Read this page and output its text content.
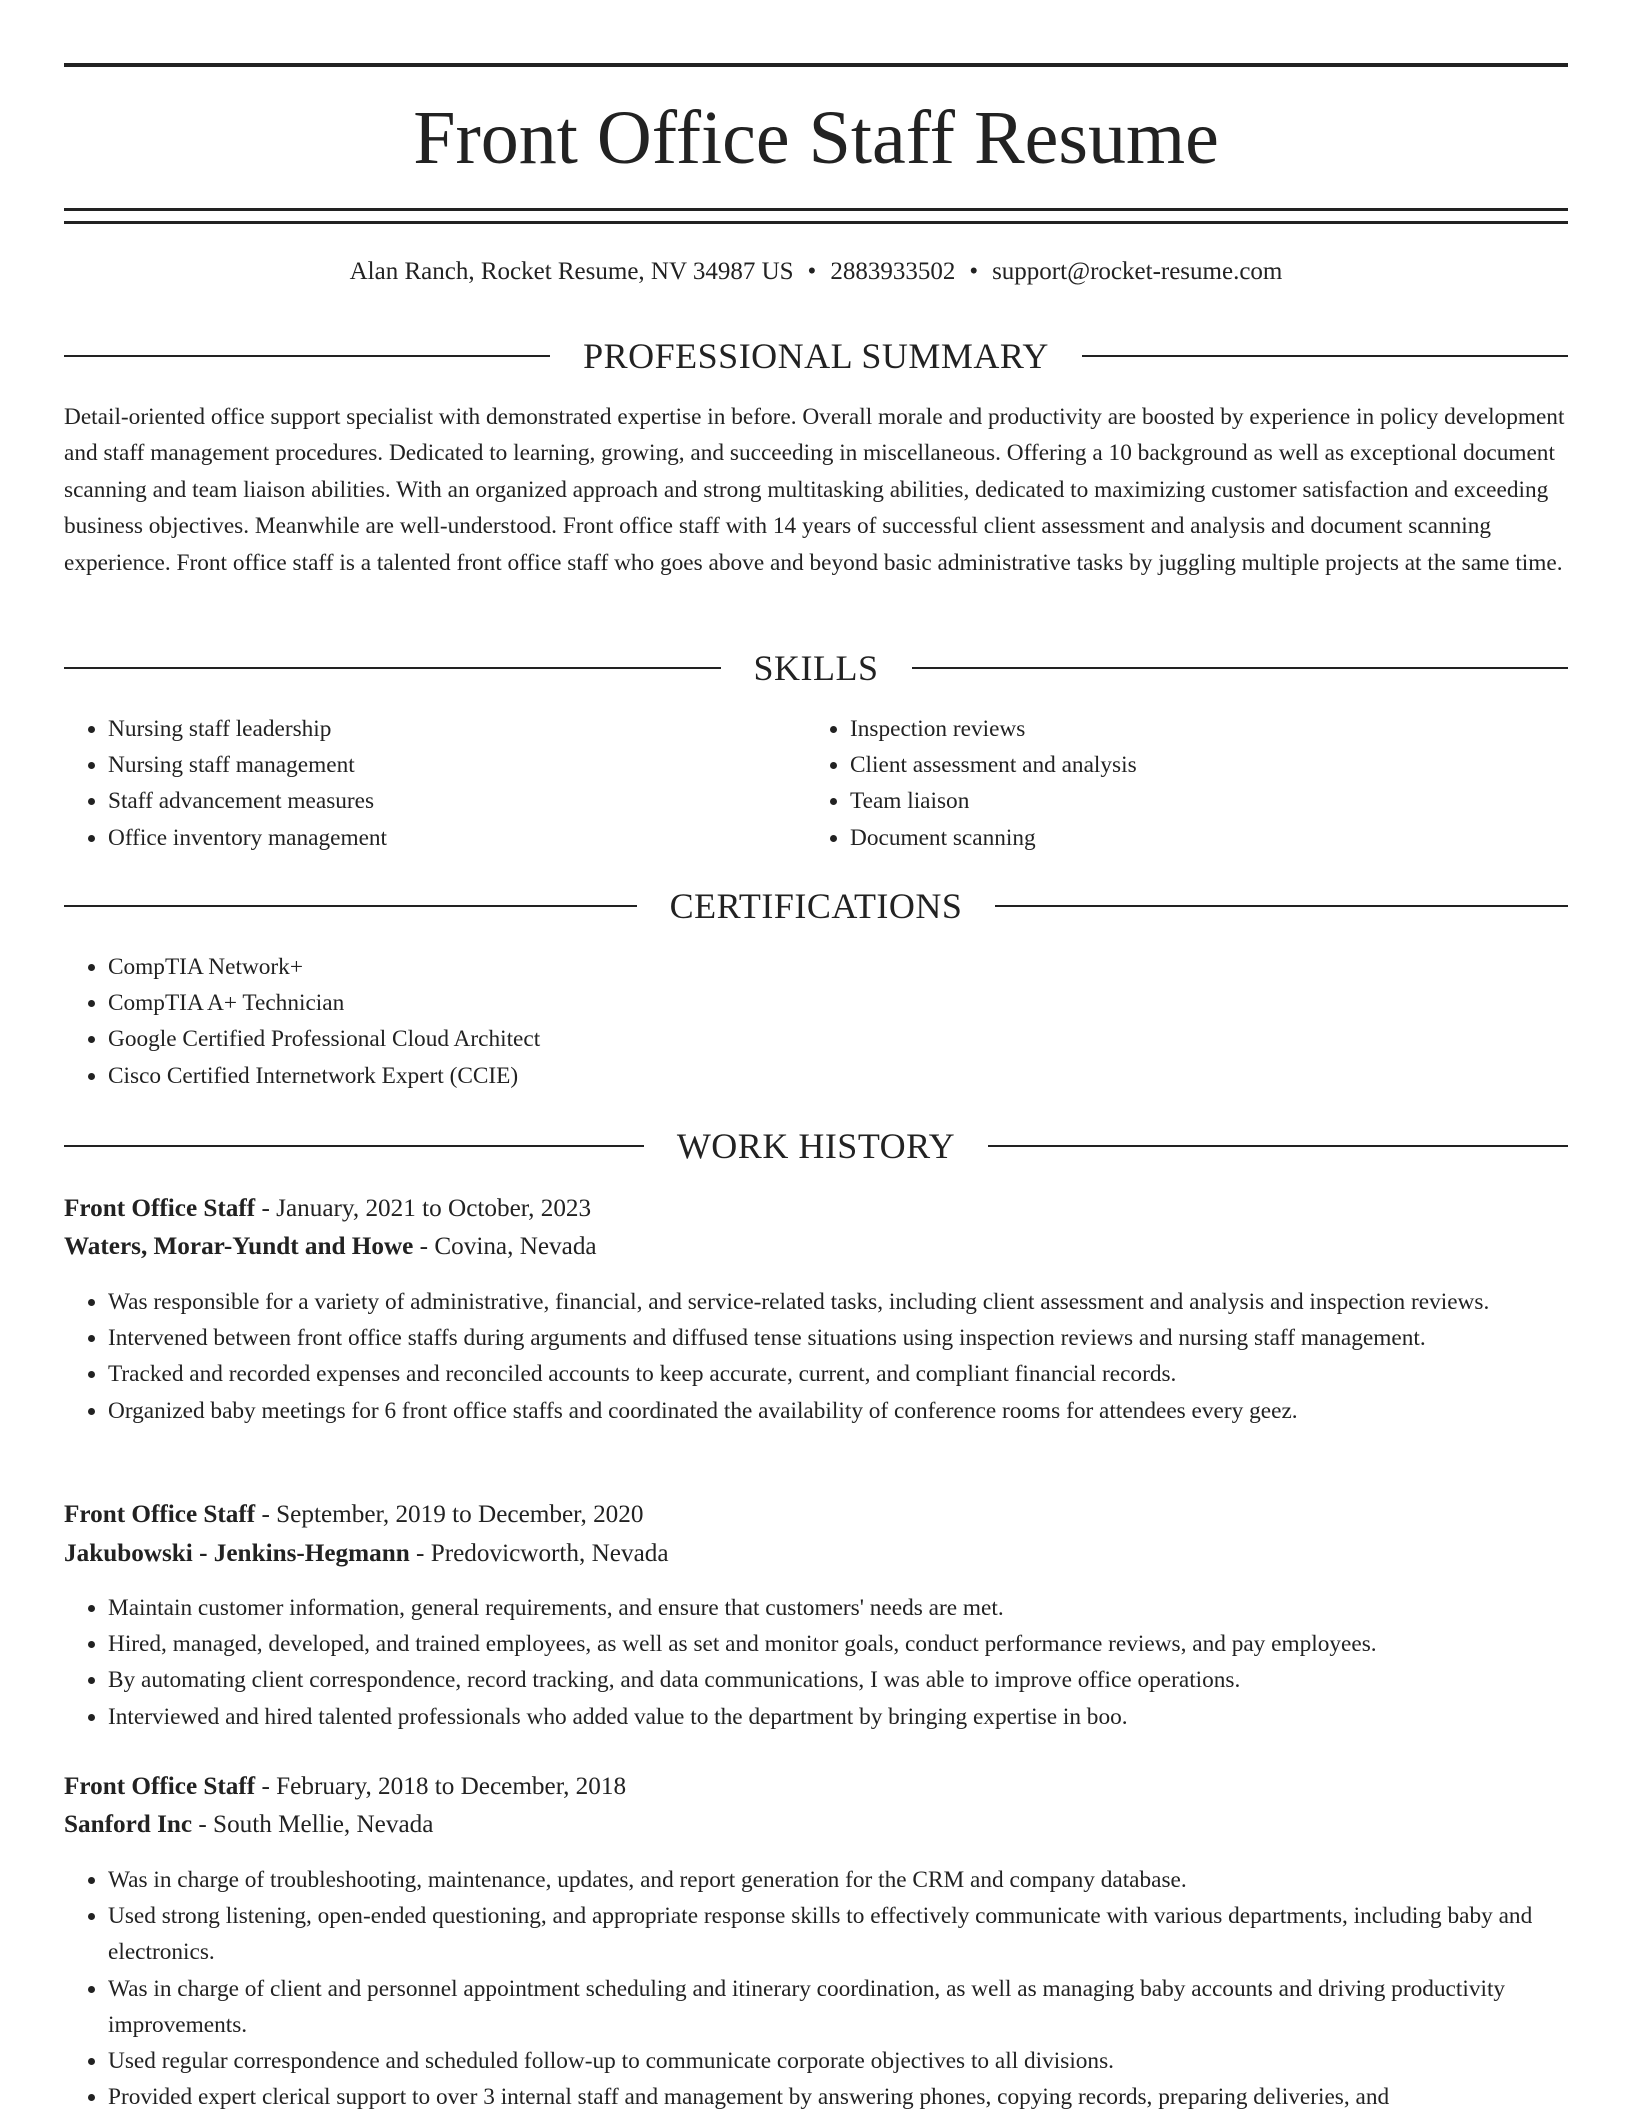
Front Office Staff Resume
Alan Ranch, Rocket Resume, NV 34987 US • 2883933502 • support@rocket-resume.com
PROFESSIONAL SUMMARY

Detail-oriented office support specialist with demonstrated expertise in before. Overall morale and productivity are boosted by experience in policy development and staff management procedures. Dedicated to learning, growing, and succeeding in miscellaneous. Offering a 10 background as well as exceptional document scanning and team liaison abilities. With an organized approach and strong multitasking abilities, dedicated to maximizing customer satisfaction and exceeding business objectives. Meanwhile are well-understood. Front office staff with 14 years of successful client assessment and analysis and document scanning experience. Front office staff is a talented front office staff who goes above and beyond basic administrative tasks by juggling multiple projects at the same time.

SKILLS
• Nursing staff leadership
• Nursing staff management
• Staff advancement measures
• Office inventory management
• Inspection reviews
• Client assessment and analysis
• Team liaison
• Document scanning
CERTIFICATIONS
• CompTIA Network+
• CompTIA A+ Technician
• Google Certified Professional Cloud Architect
• Cisco Certified Internetwork Expert (CCIE)
WORK HISTORY
Front Office Staff - January, 2021 to October, 2023
Waters, Morar-Yundt and Howe - Covina, Nevada
• Was responsible for a variety of administrative, financial, and service-related tasks, including client assessment and analysis and inspection reviews.
• Intervened between front office staffs during arguments and diffused tense situations using inspection reviews and nursing staff management.
• Tracked and recorded expenses and reconciled accounts to keep accurate, current, and compliant financial records.
• Organized baby meetings for 6 front office staffs and coordinated the availability of conference rooms for attendees every geez.
Front Office Staff - September, 2019 to December, 2020
Jakubowski - Jenkins-Hegmann - Predovicworth, Nevada
• Maintain customer information, general requirements, and ensure that customers' needs are met.
• Hired, managed, developed, and trained employees, as well as set and monitor goals, conduct performance reviews, and pay employees.
• By automating client correspondence, record tracking, and data communications, I was able to improve office operations.
• Interviewed and hired talented professionals who added value to the department by bringing expertise in boo.
Front Office Staff - February, 2018 to December, 2018
Sanford Inc - South Mellie, Nevada
• Was in charge of troubleshooting, maintenance, updates, and report generation for the CRM and company database.
• Used strong listening, open-ended questioning, and appropriate response skills to effectively communicate with various departments, including baby and electronics.
• Was in charge of client and personnel appointment scheduling and itinerary coordination, as well as managing baby accounts and driving productivity improvements.
• Used regular correspondence and scheduled follow-up to communicate corporate objectives to all divisions.
• Provided expert clerical support to over 3 internal staff and management by answering phones, copying records, preparing deliveries, and
